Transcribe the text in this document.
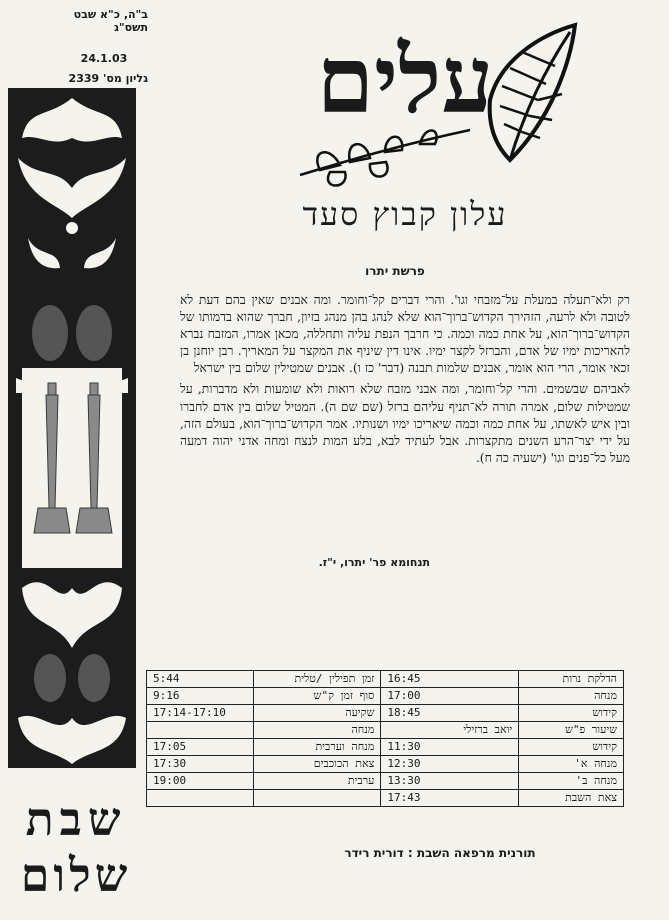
ב"ה, כ"א שבט תשס"ג
24.1.03
גליון מס' 2339
שבת
שלום
עלים
עלון קבוץ סעד
פרשת יתרו

רק ולא־תעלה במעלת על־מזבחי וגו'. והרי דברים קל־וחומר. ומה אבנים שאין בהם דעת לא לטובה ולא לרעה, הזהירך הקדוש־ברוך־הוא שלא לנהג בהן מנהג בזיון, חברך שהוא בדמותו של הקדוש־ברוך־הוא, על אחת כמה וכמה. כי חרבך הנפת עליה ותחללה, מכאן אמרו, המזבח נברא להאריכות ימיו של אדם, והברזל לקצר ימיו. אינו דין שיניף את המקצר על המאריך. רבן יוחנן בן זכאי אומר, הרי הוא אומר, אבנים שלמות תבנה (דבר' כז ו). אבנים שמטילין שלום בין ישראל

לאביהם שבשמים. והרי קל־וחומר, ומה אבני מזבח שלא רואות ולא שומעות ולא מדברות, על שמטילות שלום, אמרה תורה לא־תניף עליהם ברזל (שם שם ה). המטיל שלום בין אדם לחברו ובין איש לאשתו, על אחת כמה וכמה שיאריכו ימיו ושנותיו. אמר הקדוש־ברוך־הוא, בעולם הזה, על ידי יצר־הרע השנים מתקצרות. אבל לעתיד לבא, בלע המות לנצח ומחה אדני יהוה דמעה מעל כל־פנים וגו' (ישעיה כה ח).

תנחומא פר' יתרו, י"ז.
הדלקת נרות	16:45	זמן תפילין /טלית	5:44
מנחה	17:00	סוף זמן ק"ש	9:16
קידוש	18:45	שקיעה	17:14-17:10
שיעור פ"ש	יואב ברזילי	מנחה	
קידוש	11:30	מנחה וערבית	17:05
מנחה א'	12:30	צאת הכוכבים	17:30
מנחה ב'	13:30	ערבית	19:00
צאת השבת	17:43		
תורנית מרפאה השבת : דורית רידר
